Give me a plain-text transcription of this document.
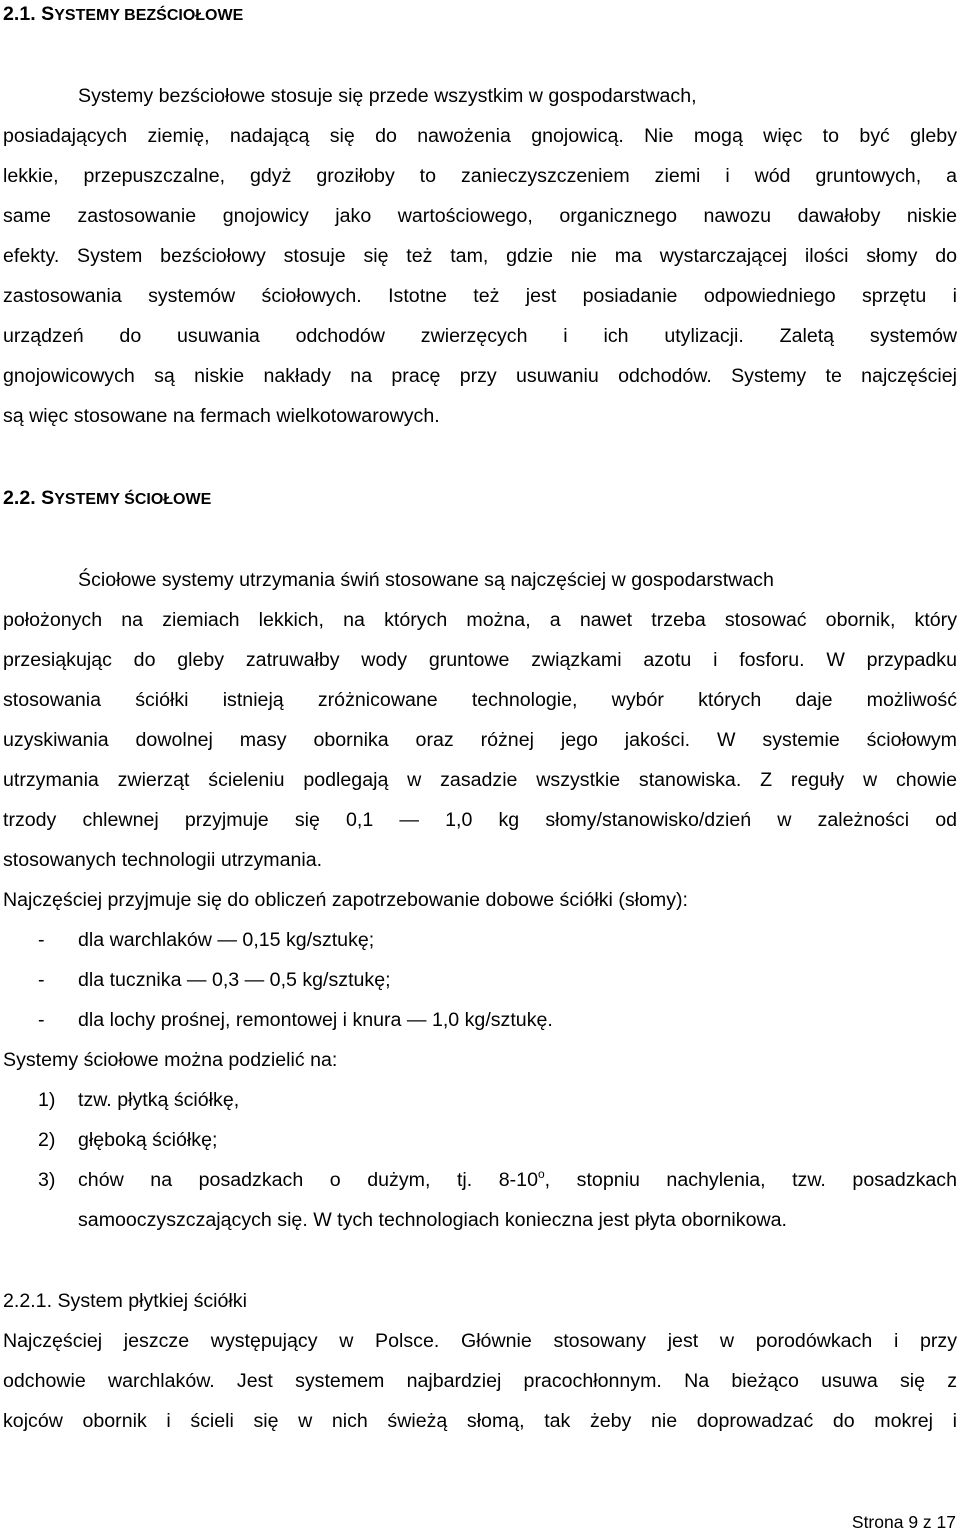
2.1. SYSTEMY BEZŚCIOŁOWE
Systemy bezściołowe stosuje się przede wszystkim w gospodarstwach,
posiadających ziemię, nadającą się do nawożenia gnojowicą. Nie mogą więc to być gleby
lekkie, przepuszczalne, gdyż groziłoby to zanieczyszczeniem ziemi i wód gruntowych, a
same zastosowanie gnojowicy jako wartościowego, organicznego nawozu dawałoby niskie
efekty. System bezściołowy stosuje się też tam, gdzie nie ma wystarczającej ilości słomy do
zastosowania systemów ściołowych. Istotne też jest posiadanie odpowiedniego sprzętu i
urządzeń do usuwania odchodów zwierzęcych i ich utylizacji. Zaletą systemów
gnojowicowych są niskie nakłady na pracę przy usuwaniu odchodów. Systemy te najczęściej
są więc stosowane na fermach wielkotowarowych.
2.2. SYSTEMY ŚCIOŁOWE
Ściołowe systemy utrzymania świń stosowane są najczęściej w gospodarstwach
położonych na ziemiach lekkich, na których można, a nawet trzeba stosować obornik, który
przesiąkując do gleby zatruwałby wody gruntowe związkami azotu i fosforu. W przypadku
stosowania ściółki istnieją zróżnicowane technologie, wybór których daje możliwość
uzyskiwania dowolnej masy obornika oraz różnej jego jakości. W systemie ściołowym
utrzymania zwierząt ścieleniu podlegają w zasadzie wszystkie stanowiska. Z reguły w chowie
trzody chlewnej przyjmuje się 0,1 — 1,0 kg słomy/stanowisko/dzień w zależności od
stosowanych technologii utrzymania.
Najczęściej przyjmuje się do obliczeń zapotrzebowanie dobowe ściółki (słomy):
- dla warchlaków — 0,15 kg/sztukę;
- dla tucznika — 0,3 — 0,5 kg/sztukę;
- dla lochy prośnej, remontowej i knura — 1,0 kg/sztukę.
Systemy ściołowe można podzielić na:
1) tzw. płytką ściółkę,
2) głęboką ściółkę;
3) chów na posadzkach o dużym, tj. 8-10$^o$, stopniu nachylenia, tzw. posadzkach
samooczyszczających się. W tych technologiach konieczna jest płyta obornikowa.
2.2.1. System płytkiej ściółki
Najczęściej jeszcze występujący w Polsce. Głównie stosowany jest w porodówkach i przy
odchowie warchlaków. Jest systemem najbardziej pracochłonnym. Na bieżąco usuwa się z
kojców obornik i ścieli się w nich świeżą słomą, tak żeby nie doprowadzać do mokrej i
Strona 9 z 17
